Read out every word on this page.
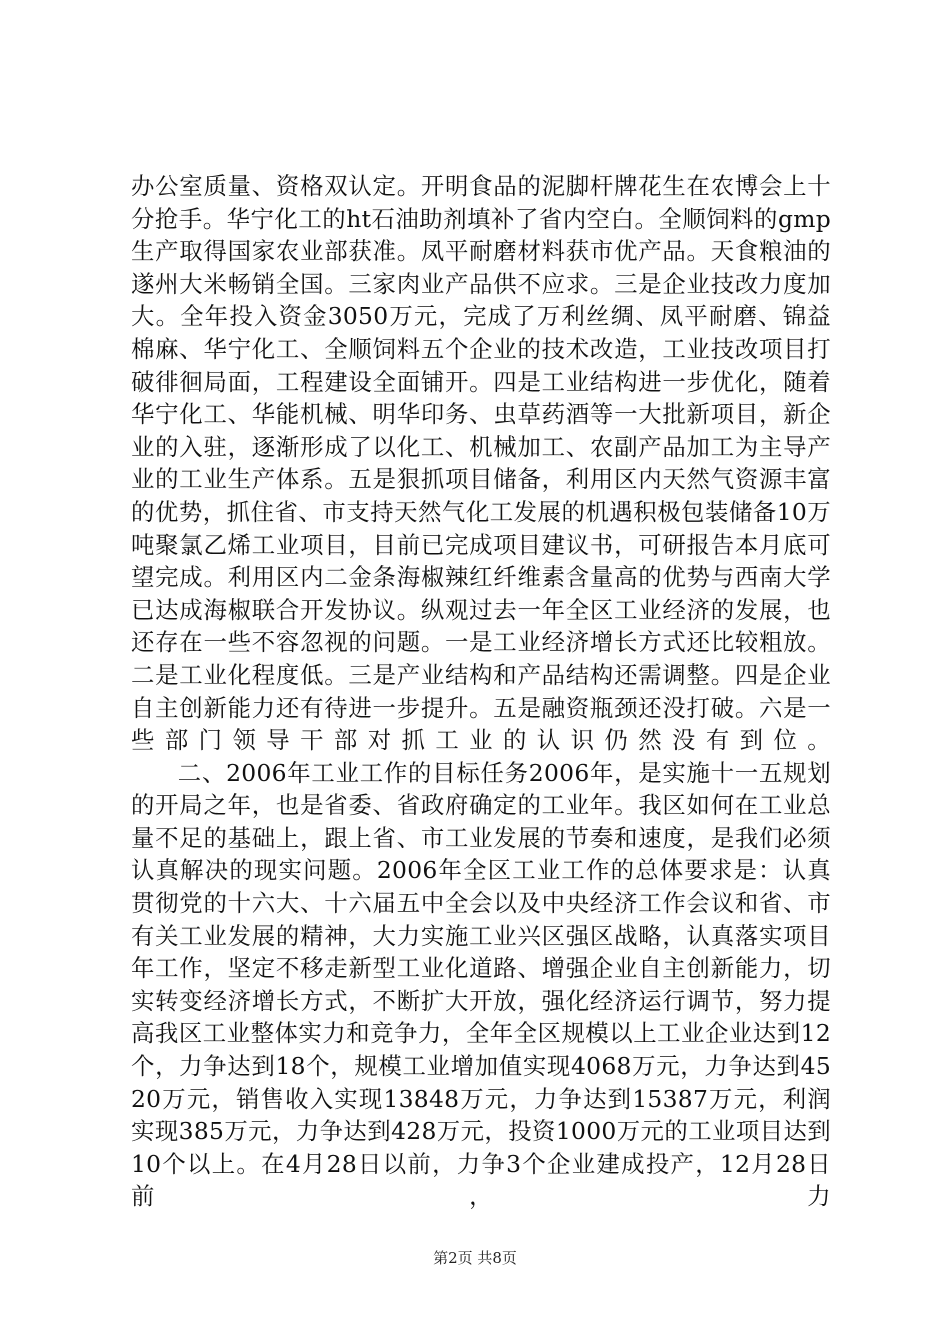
办公室质量、资格双认定。开明食品的泥脚杆牌花生在农博会上十分抢手。华宁化工的ht石油助剂填补了省内空白。全顺饲料的gmp生产取得国家农业部获准。凤平耐磨材料获市优产品。天食粮油的遂州大米畅销全国。三家肉业产品供不应求。三是企业技改力度加大。全年投入资金3050万元，完成了万利丝绸、凤平耐磨、锦益棉麻、华宁化工、全顺饲料五个企业的技术改造，工业技改项目打破徘徊局面，工程建设全面铺开。四是工业结构进一步优化，随着华宁化工、华能机械、明华印务、虫草药酒等一大批新项目，新企业的入驻，逐渐形成了以化工、机械加工、农副产品加工为主导产业的工业生产体系。五是狠抓项目储备，利用区内天然气资源丰富的优势，抓住省、市支持天然气化工发展的机遇积极包装储备10万吨聚氯乙烯工业项目，目前已完成项目建议书，可研报告本月底可望完成。利用区内二金条海椒辣红纤维素含量高的优势与西南大学已达成海椒联合开发协议。纵观过去一年全区工业经济的发展，也还存在一些不容忽视的问题。一是工业经济增长方式还比较粗放。二是工业化程度低。三是产业结构和产品结构还需调整。四是企业自主创新能力还有待进一步提升。五是融资瓶颈还没打破。六是一些部门领导干部对抓工业的认识仍然没有到位。

二、2006年工业工作的目标任务2006年，是实施十一五规划的开局之年，也是省委、省政府确定的工业年。我区如何在工业总量不足的基础上，跟上省、市工业发展的节奏和速度，是我们必须认真解决的现实问题。2006年全区工业工作的总体要求是：认真贯彻党的十六大、十六届五中全会以及中央经济工作会议和省、市有关工业发展的精神，大力实施工业兴区强区战略，认真落实项目年工作，坚定不移走新型工业化道路、增强企业自主创新能力，切实转变经济增长方式，不断扩大开放，强化经济运行调节，努力提高我区工业整体实力和竞争力，全年全区规模以上工业企业达到12个，力争达到18个，规模工业增加值实现4068万元，力争达到4520万元，销售收入实现13848万元，力争达到15387万元，利润实现385万元，力争达到428万元，投资1000万元的工业项目达到10个以上。在4月28日以前，力争3个企业建成投产，12月28日前，力

第2页 共8页
